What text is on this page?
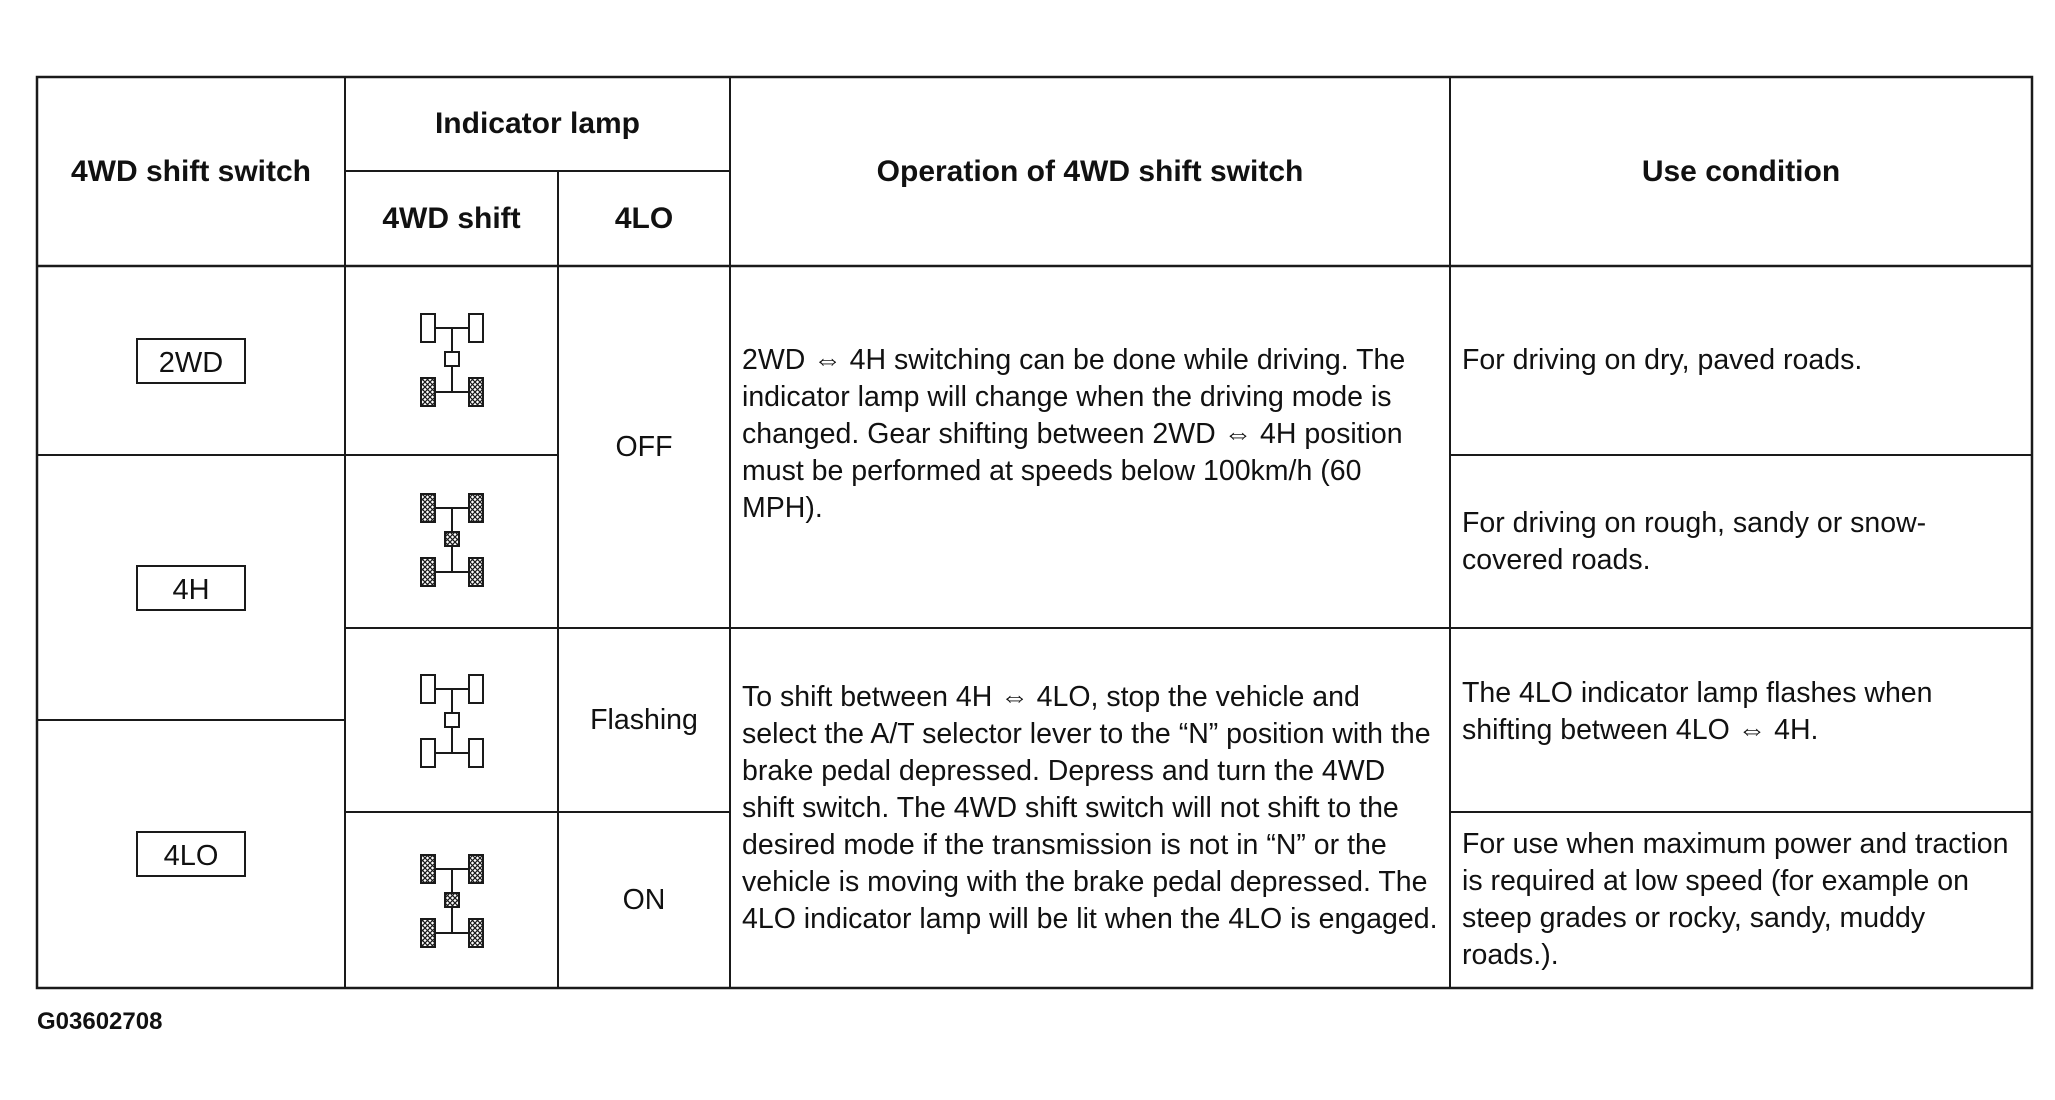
4WD shift switch
Indicator lamp
4WD shift	4LO
Operation of 4WD shift switch	Use condition
2WD
4H
4LO
OFF
Flashing
ON
2WD ⇔ 4H switching can be done while driving. The indicator lamp will change when the driving mode is changed. Gear shifting between 2WD ⇔ 4H position must be performed at speeds below 100km/h (60 MPH).
To shift between 4H ⇔ 4LO, stop the vehicle and select the A/T selector lever to the “N” position with the brake pedal depressed. Depress and turn the 4WD shift switch. The 4WD shift switch will not shift to the desired mode if the transmission is not in “N” or the vehicle is moving with the brake pedal depressed. The 4LO indicator lamp will be lit when the 4LO is engaged.
For driving on dry, paved roads.
For driving on rough, sandy or snow-covered roads.
The 4LO indicator lamp flashes when shifting between 4LO ⇔ 4H.
For use when maximum power and traction is required at low speed (for example on steep grades or rocky, sandy, muddy roads.).
G03602708
